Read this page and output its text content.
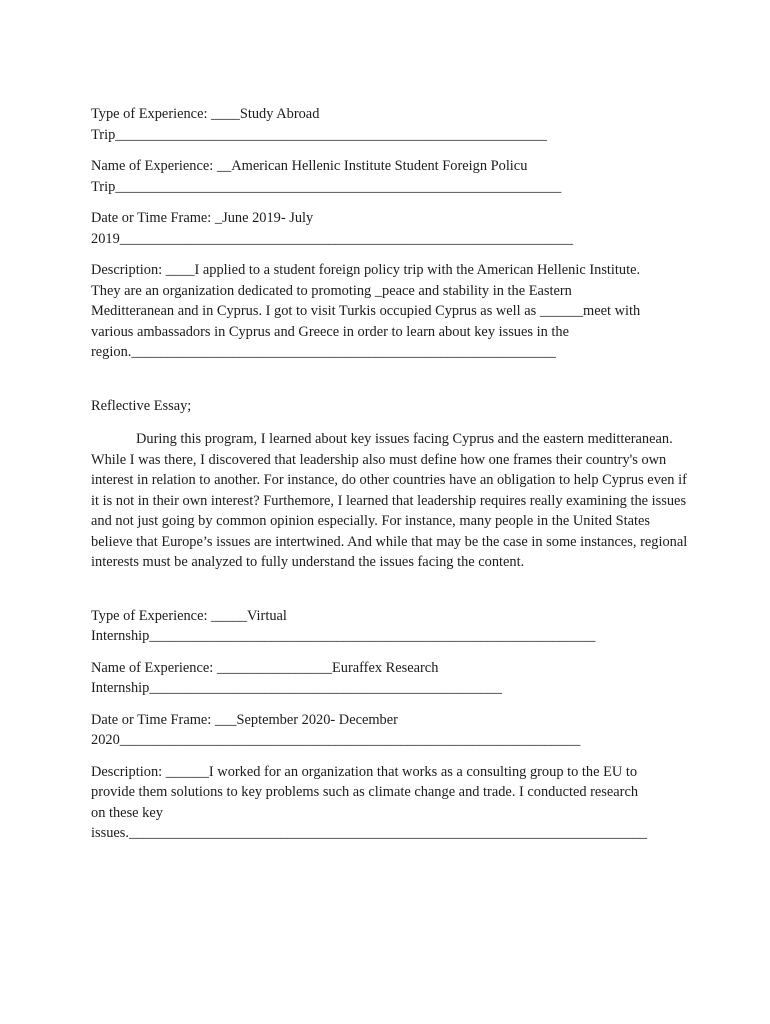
Type of Experience: ____Study Abroad
Trip____________________________________________________________
Name of Experience: __American Hellenic Institute Student Foreign Policu
Trip______________________________________________________________
Date or Time Frame: _June 2019- July
2019_______________________________________________________________
Description: ____I applied to a student foreign policy trip with the American Hellenic Institute.
They are an organization dedicated to promoting _peace and stability in the Eastern
Meditteranean and in Cyprus. I got to visit Turkis occupied Cyprus as well as ______meet with
various ambassadors in Cyprus and Greece in order to learn about key issues in the
region.___________________________________________________________
Reflective Essay;
During this program, I learned about key issues facing Cyprus and the eastern meditteranean. While I was there, I discovered that leadership also must define how one frames their country's own interest in relation to another. For instance, do other countries have an obligation to help Cyprus even if it is not in their own interest? Furthemore, I learned that leadership requires really examining the issues and not just going by common opinion especially. For instance, many people in the United States believe that Europe’s issues are intertwined. And while that may be the case in some instances, regional interests must be analyzed to fully understand the issues facing the content.
Type of Experience: _____Virtual
Internship______________________________________________________________
Name of Experience: ________________Euraffex Research
Internship_________________________________________________
Date or Time Frame: ___September 2020- December
2020________________________________________________________________
Description: ______I worked for an organization that works as a consulting group to the EU to
provide them solutions to key problems such as climate change and trade. I conducted research
on these key
issues.________________________________________________________________________
